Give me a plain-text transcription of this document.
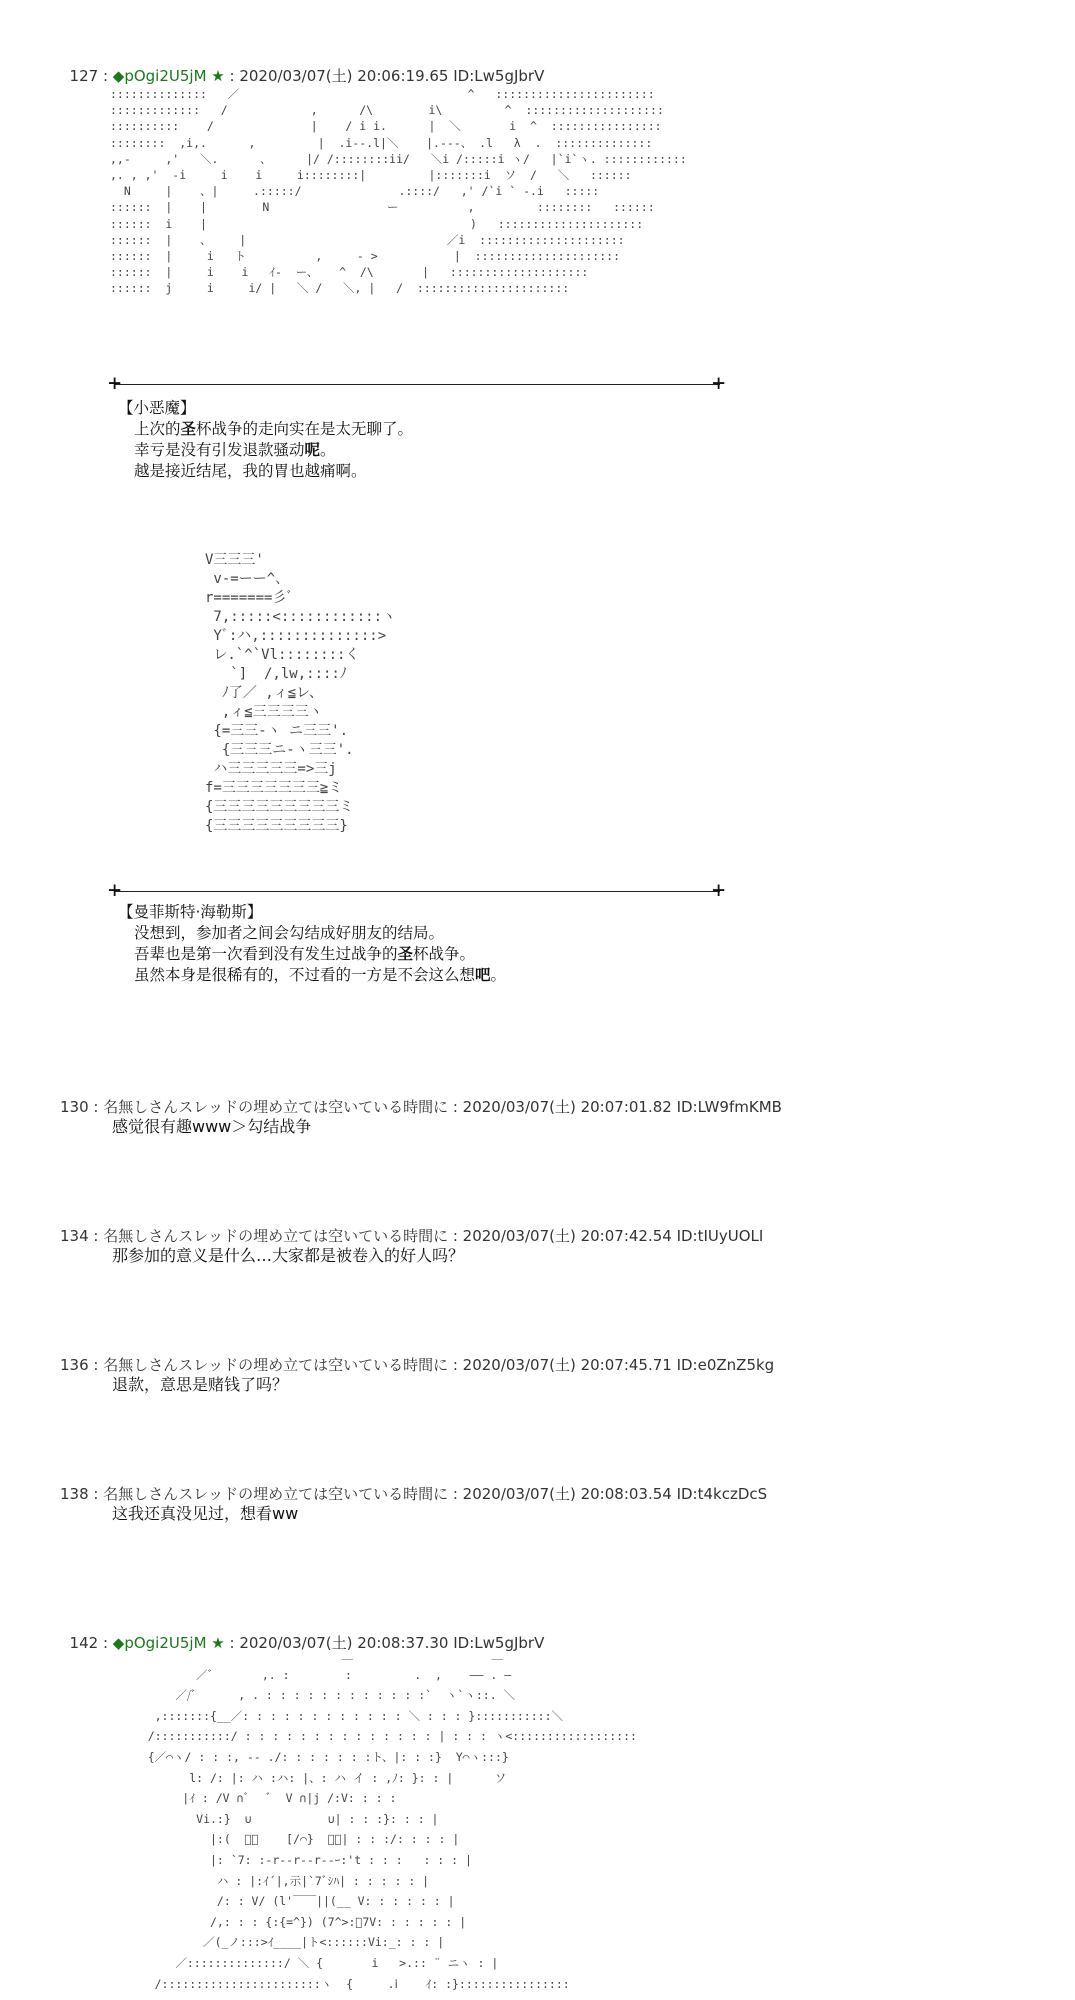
127 : ◆pOgi2U5jM ★ : 2020/03/07(土) 20:06:19.65 ID:Lw5gJbrV

::::::::::::::   ／                                 ^   :::::::::::::::::::::::
:::::::::::::   /            ,      /\        i\         ^  ::::::::::::::::::::
::::::::::    /              |    / i i.      |  ＼       i  ^  ::::::::::::::::
::::::::  ,i,.      ,         |  .i--.l|＼    |.---、 .l   λ  .  ::::::::::::::
,,-     ,'   ＼.      、     |/ /::::::::ii/   ＼i /:::::i ヽ/   |`i`ヽ. ::::::::::::
,. , ,'  ‐i     i    i     i::::::::|         |:::::::i  ソ  /   ＼   ::::::
N     |    、|     .:::::/              .::::/   ,' /`i ` -.i   :::::
::::::  |    |        N                 ー          ,         ::::::::   ::::::
::::::  i    |                                      )   :::::::::::::::::::::
::::::  |    、    |                             ／i  :::::::::::::::::::::
::::::  |     i   ト          ,     ‐ >           |  :::::::::::::::::::::
::::::  |     i    i   ｲ-  ー、   ^  /\       |   ::::::::::::::::::::
::::::  j     i     i/ |   ＼ /   ＼, |   /  ::::::::::::::::::::::
+	+
【小恶魔】
上次的圣杯战争的走向实在是太无聊了。
幸亏是没有引发退款骚动呢。
越是接近结尾，我的胃也越痛啊。
V三三三'
v-=ーー^、
r=======彡ﾞ
7,:::::<::::::::::::ヽ
Yﾞ:ハ,::::::::::::::>
レ.`^`Vl::::::::く
`]  /,lw,::::ﾉ
ﾉ了／ ,ィ≦レ、
,ィ≦三三三三ヽ
{=三三-ヽ ニ三三'.
{三三三ニ-ヽ三三'.
ハ三三三三三=>三j
f=三三三三三三三≧ミ
{三三三三三三三三三ミ
{三三三三三三三三三}
+	+
【曼菲斯特·海勒斯】
没想到，参加者之间会勾结成好朋友的结局。
吾辈也是第一次看到没有发生过战争的圣杯战争。
虽然本身是很稀有的，不过看的一方是不会这么想吧。
130 : 名無しさんスレッドの埋め立ては空いている時間に : 2020/03/07(土) 20:07:01.82 ID:LW9fmKMB
感觉很有趣www＞勾结战争
134 : 名無しさんスレッドの埋め立ては空いている時間に : 2020/03/07(土) 20:07:42.54 ID:tIUyUOLI
那参加的意义是什么…大家都是被卷入的好人吗？
136 : 名無しさんスレッドの埋め立ては空いている時間に : 2020/03/07(土) 20:07:45.71 ID:e0ZnZ5kg
退款，意思是赌钱了吗？
138 : 名無しさんスレッドの埋め立ては空いている時間に : 2020/03/07(土) 20:08:03.54 ID:t4kczDcS
这我还真没见过，想看ww

142 : ◆pOgi2U5jM ★ : 2020/03/07(土) 20:08:37.30 ID:Lw5gJbrV

＿                    ＿
／ﾞ       ,. :        :         .  ,    ―― . ―
／/ﾞ      , . : : : : : : : : : : : :`  ヽ`ヽ::. ＼
,:::::::{__／: : : : : : : : : : : : ＼ : : : }:::::::::::＼
/:::::::::::/ : : : : : : : : : : : : : : | : : : ヽ<::::::::::::::::::
{／⌒ヽ/ : : :, -‐ ./: : : : : : :ト、|: : :}  Y⌒ヽ:::}
l: /: |: ハ :ハ: |、: ハ イ : ,ﾉ: }: : |      ソ
|ｲ : /V ∩ﾞ   ﾞ  V ∩|j /:V: : : :
Vi.:}  ∪           ∪| : : :}: : : |
|:(  ﾞﾞ    [/⌒}  ﾞﾞ| : : :/: : : : |
|: `7: :-r--r--r--ｰ:'t : : :   : : : |
ハ : |:ｲ´|,示|`7ﾞｼﾊ| : : : : : |
/: : V/ (l'￣￣||(__ V: : : : : : |
/,: : : {:{=^}) (7^>:ﾞ7V: : : : : : |
／(_ノ:::>ｲ____|ト<::::::Vi:_: : : |
／::::::::::::::/ ＼ {       i   >.:: ¨ ニヽ : |
/:::::::::::::::::::::::ヽ  {     .ⅰ    ｲ: :}::::::::::::::::
